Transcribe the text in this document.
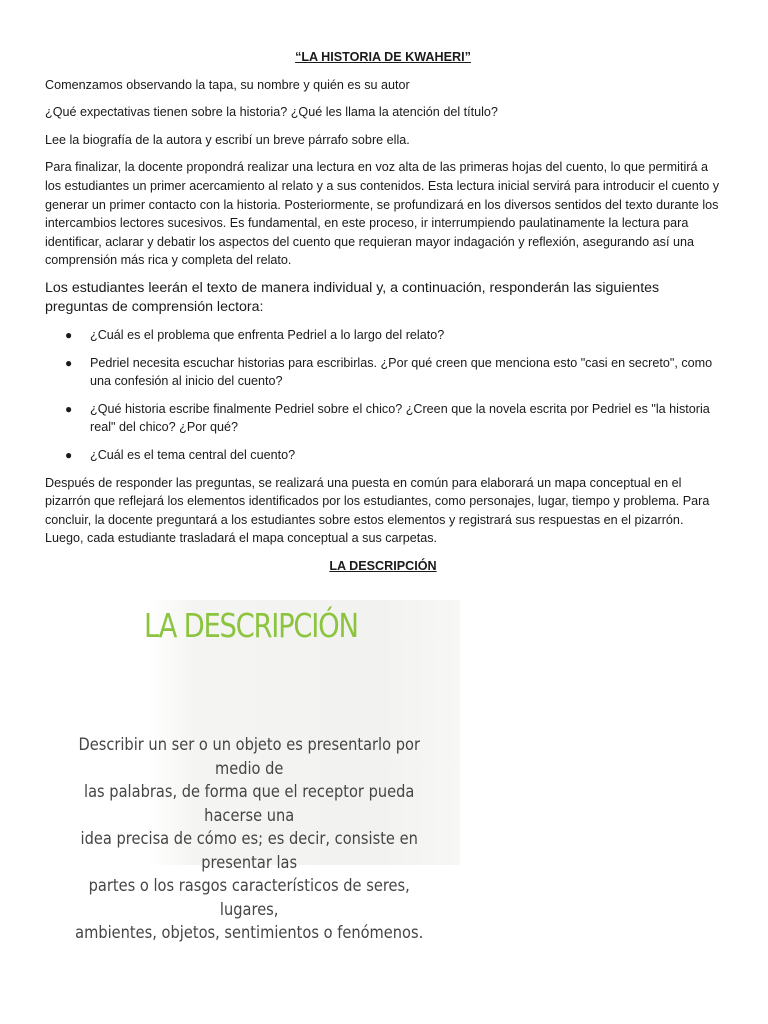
“LA HISTORIA DE KWAHERI”

Comenzamos observando la tapa, su nombre y quién es su autor

¿Qué expectativas tienen sobre la historia? ¿Qué les llama la atención del título?

Lee la biografía de la autora y escribí un breve párrafo sobre ella.

Para finalizar, la docente propondrá realizar una lectura en voz alta de las primeras hojas del cuento, lo que permitirá a los estudiantes un primer acercamiento al relato y a sus contenidos. Esta lectura inicial servirá para introducir el cuento y generar un primer contacto con la historia. Posteriormente, se profundizará en los diversos sentidos del texto durante los intercambios lectores sucesivos. Es fundamental, en este proceso, ir interrumpiendo paulatinamente la lectura para identificar, aclarar y debatir los aspectos del cuento que requieran mayor indagación y reflexión, asegurando así una comprensión más rica y completa del relato.

Los estudiantes leerán el texto de manera individual y, a continuación, responderán las siguientes preguntas de comprensión lectora:

● ¿Cuál es el problema que enfrenta Pedriel a lo largo del relato?
● Pedriel necesita escuchar historias para escribirlas. ¿Por qué creen que menciona esto "casi en secreto", como una confesión al inicio del cuento?
● ¿Qué historia escribe finalmente Pedriel sobre el chico? ¿Creen que la novela escrita por Pedriel es "la historia real" del chico? ¿Por qué?
● ¿Cuál es el tema central del cuento?

Después de responder las preguntas, se realizará una puesta en común para elaborará un mapa conceptual en el pizarrón que reflejará los elementos identificados por los estudiantes, como personajes, lugar, tiempo y problema. Para concluir, la docente preguntará a los estudiantes sobre estos elementos y registrará sus respuestas en el pizarrón. Luego, cada estudiante trasladará el mapa conceptual a sus carpetas.

LA DESCRIPCIÓN

LA DESCRIPCIÓN
Describir un ser o un objeto es presentarlo por medio de
las palabras, de forma que el receptor pueda hacerse una
idea precisa de cómo es; es decir, consiste en presentar las
partes o los rasgos característicos de seres, lugares,
ambientes, objetos, sentimientos o fenómenos.
